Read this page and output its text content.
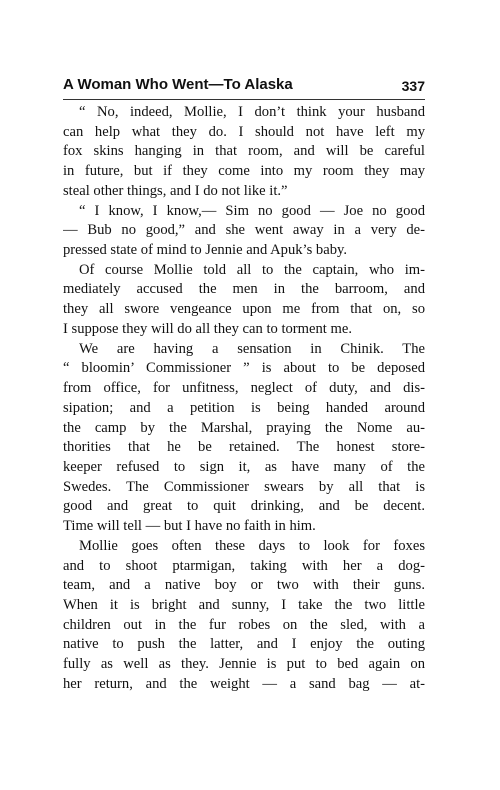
A Woman Who Went—To Alaska	337
“ No, indeed, Mollie, I don’t think your husband
can help what they do. I should not have left my
fox skins hanging in that room, and will be careful
in future, but if they come into my room they may
steal other things, and I do not like it.”
“ I know, I know,— Sim no good — Joe no good
— Bub no good,” and she went away in a very de-
pressed state of mind to Jennie and Apuk’s baby.
Of course Mollie told all to the captain, who im-
mediately accused the men in the barroom, and
they all swore vengeance upon me from that on, so
I suppose they will do all they can to torment me.
We are having a sensation in Chinik. The
“ bloomin’ Commissioner ” is about to be deposed
from office, for unfitness, neglect of duty, and dis-
sipation; and a petition is being handed around
the camp by the Marshal, praying the Nome au-
thorities that he be retained. The honest store-
keeper refused to sign it, as have many of the
Swedes. The Commissioner swears by all that is
good and great to quit drinking, and be decent.
Time will tell — but I have no faith in him.
Mollie goes often these days to look for foxes
and to shoot ptarmigan, taking with her a dog-
team, and a native boy or two with their guns.
When it is bright and sunny, I take the two little
children out in the fur robes on the sled, with a
native to push the latter, and I enjoy the outing
fully as well as they. Jennie is put to bed again on
her return, and the weight — a sand bag — at-
